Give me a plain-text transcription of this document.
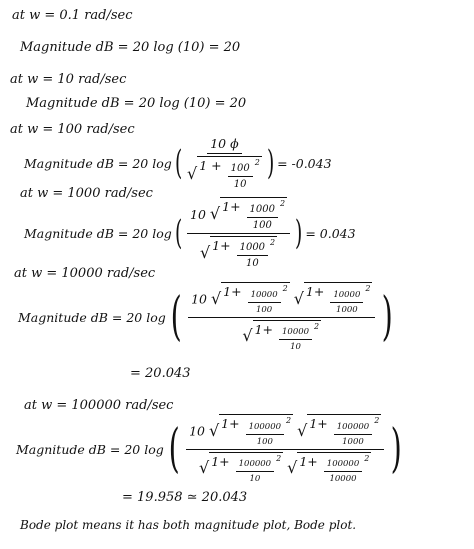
at w = 0.1 rad/sec
Magnitude dB = 20 log (10) = 20
at w = 10 rad/sec
Magnitude dB = 20 log (10) = 20
at w = 100 rad/sec
Magnitude dB = 20 log ( 10 ϕ
√ $1 + \frac{100}{10} ^2$ ) = -0.043
at w = 1000 rad/sec
Magnitude dB = 20 log ( $\frac{10 √ 1+ \frac{1000}{100} ^2}{√ 1+ \frac{1000}{10} ^2}$ ) = 0.043
at w = 10000 rad/sec
Magnitude dB = 20 log ( 10 √ $1+ \frac{10000}{100}$
$^2$

√ $1+ \frac{10000}{1000}$
$^2$
√ $1+ \frac{10000}{10}$
$^2$ )
= 20.043
at w = 100000 rad/sec
Magnitude dB = 20 log ( 10 √ $1+ \frac{100000}{100}$
$^2$

√ $1+ \frac{100000}{1000}$
$^2$
√ $1+ \frac{100000}{10}$
$^2$

√ $1+ \frac{100000}{10000}$
$^2$ )
= 19.958 ≃ 20.043
Bode plot means it has both magnitude plot, Bode plot.
